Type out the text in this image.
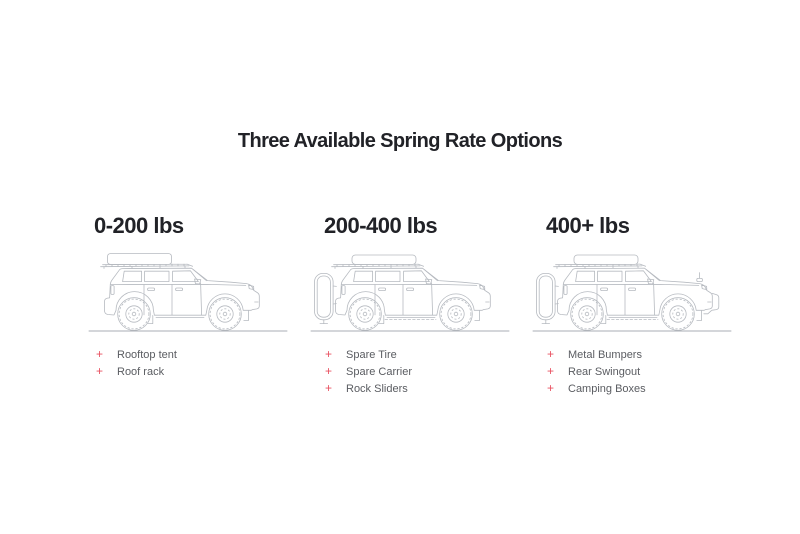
Three Available Spring Rate Options
0-200 lbs
+	Rooftop tent
+	Roof rack
200-400 lbs
+	Spare Tire
+	Spare Carrier
+	Rock Sliders
400+ lbs
+	Metal Bumpers
+	Rear Swingout
+	Camping Boxes
